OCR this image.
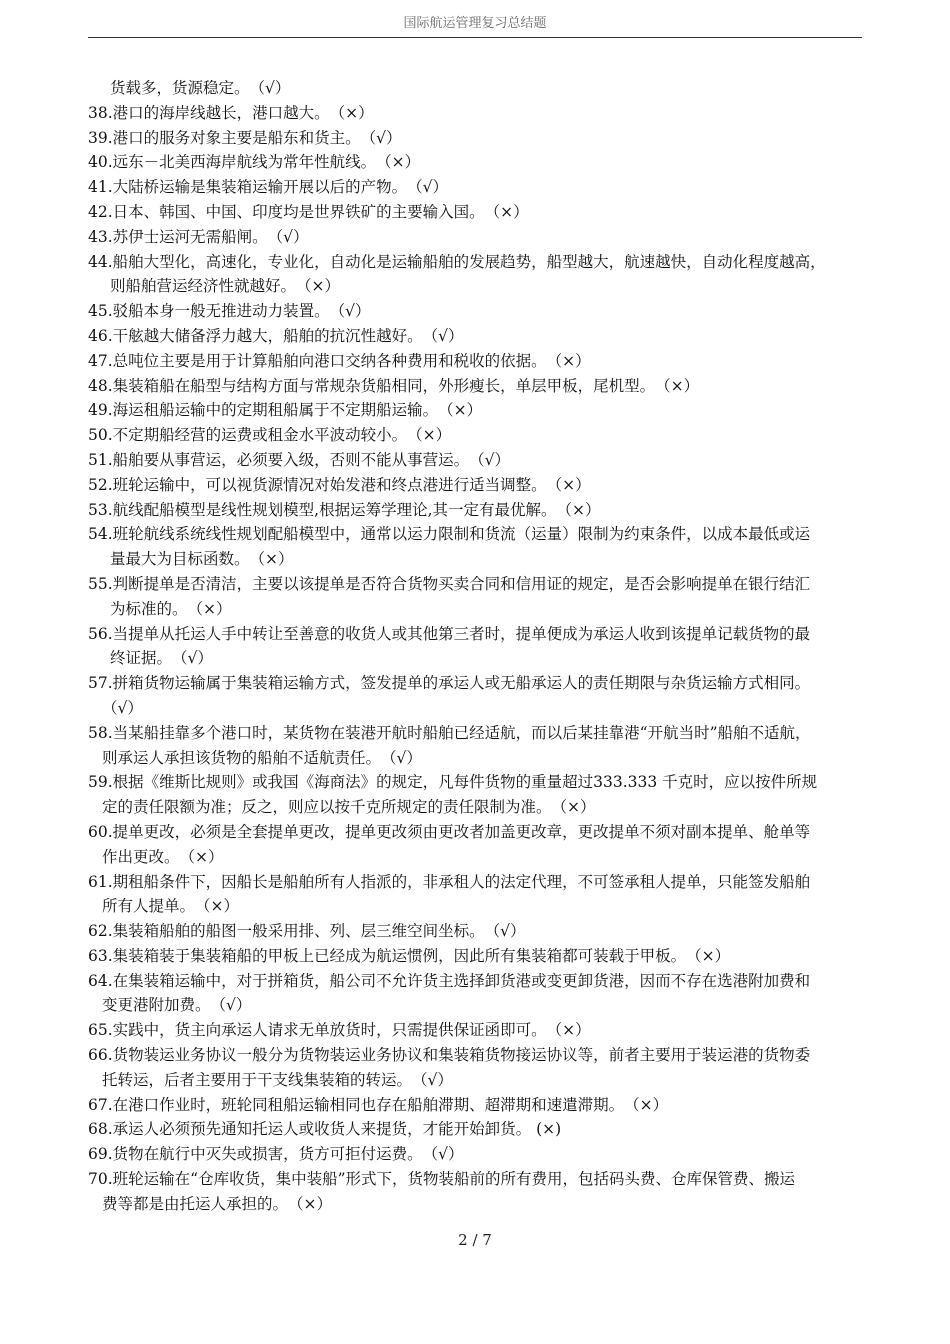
国际航运管理复习总结题
货载多，货源稳定。　（√）
38.港口的海岸线越长，港口越大。　（×）
39.港口的服务对象主要是船东和货主。　（√）
40.远东－北美西海岸航线为常年性航线。　（×）
41.大陆桥运输是集装箱运输开展以后的产物。　（√）
42.日本、韩国、中国、印度均是世界铁矿的主要输入国。　（×）
43.苏伊士运河无需船闸。　（√）
44.船舶大型化，高速化，专业化，自动化是运输船舶的发展趋势，船型越大，航速越快，自动化程度越高，
则船舶营运经济性就越好。　（×）
45.驳船本身一般无推进动力装置。　（√）
46.干舷越大储备浮力越大，船舶的抗沉性越好。　（√）
47.总吨位主要是用于计算船舶向港口交纳各种费用和税收的依据。　（×）
48.集装箱船在船型与结构方面与常规杂货船相同，外形瘦长，单层甲板，尾机型。　（×）
49.海运租船运输中的定期租船属于不定期船运输。　（×）
50.不定期船经营的运费或租金水平波动较小。　（×）
51.船舶要从事营运，必须要入级，否则不能从事营运。　（√）
52.班轮运输中，可以视货源情况对始发港和终点港进行适当调整。　（×）
53.航线配船模型是线性规划模型,根据运筹学理论,其一定有最优解。　（×）
54.班轮航线系统线性规划配船模型中，通常以运力限制和货流（运量）限制为约束条件，以成本最低或运
量最大为目标函数。　（×）
55.判断提单是否清洁，主要以该提单是否符合货物买卖合同和信用证的规定，是否会影响提单在银行结汇
为标准的。　（×）
56.当提单从托运人手中转让至善意的收货人或其他第三者时，提单便成为承运人收到该提单记载货物的最
终证据。　（√）
57.拼箱货物运输属于集装箱运输方式，签发提单的承运人或无船承运人的责任期限与杂货运输方式相同。
（√）
58.当某船挂靠多个港口时，某货物在装港开航时船舶已经适航，而以后某挂靠港“开航当时”船舶不适航，
则承运人承担该货物的船舶不适航责任。　（√）
59.根据《维斯比规则》或我国《海商法》的规定，凡每件货物的重量超过333.333 千克时，应以按件所规
定的责任限额为准；反之，则应以按千克所规定的责任限制为准。　（×）
60.提单更改，必须是全套提单更改，提单更改须由更改者加盖更改章，更改提单不须对副本提单、舱单等
作出更改。　（×）
61.期租船条件下，因船长是船舶所有人指派的，非承租人的法定代理，不可签承租人提单，只能签发船舶
所有人提单。　（×）
62.集装箱船舶的船图一般采用排、列、层三维空间坐标。　（√）
63.集装箱装于集装箱船的甲板上已经成为航运惯例，因此所有集装箱都可装载于甲板。　（×）
64.在集装箱运输中，对于拼箱货，船公司不允许货主选择卸货港或变更卸货港，因而不存在选港附加费和
变更港附加费。　（√）
65.实践中，货主向承运人请求无单放货时，只需提供保证函即可。　（×）
66.货物装运业务协议一般分为货物装运业务协议和集装箱货物接运协议等，前者主要用于装运港的货物委
托转运，后者主要用于干支线集装箱的转运。　（√）
67.在港口作业时，班轮同租船运输相同也存在船舶滞期、超滞期和速遣滞期。　（×）
68.承运人必须预先通知托运人或收货人来提货，才能开始卸货。 (×)
69.货物在航行中灭失或损害，货方可拒付运费。　（√）
70.班轮运输在“仓库收货，集中装船”形式下，货物装船前的所有费用，包括码头费、仓库保管费、搬运
费等都是由托运人承担的。　（×）
2 / 7
